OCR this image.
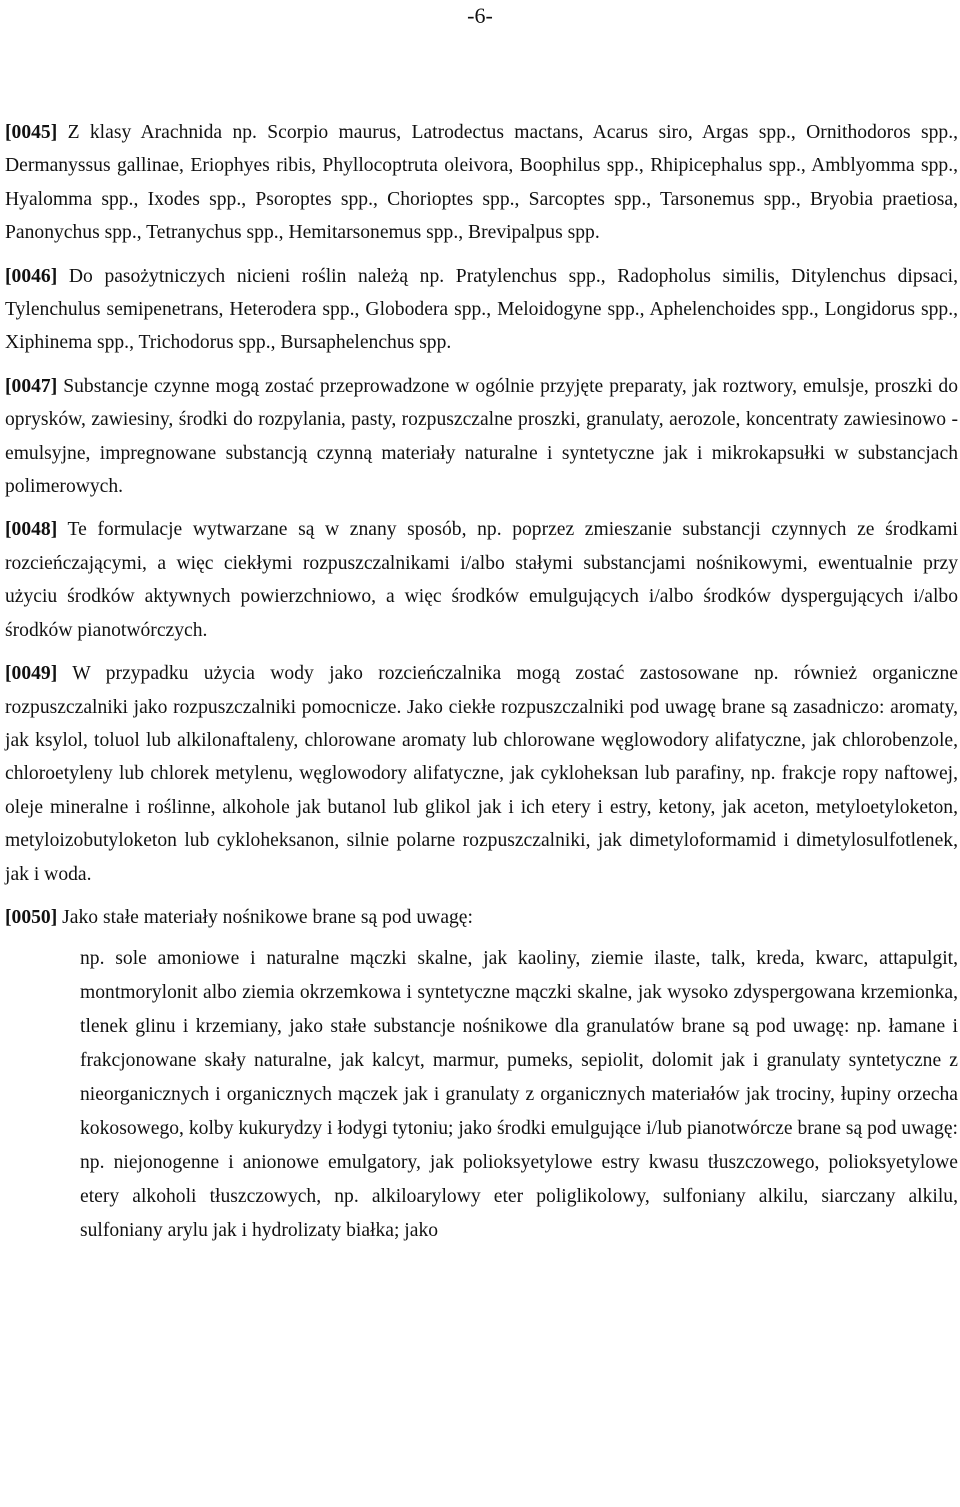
-6-

[0045] Z klasy Arachnida np. Scorpio maurus, Latrodectus mactans, Acarus siro, Argas spp., Ornithodoros spp., Dermanyssus gallinae, Eriophyes ribis, Phyllocoptruta oleivora, Boophilus spp., Rhipicephalus spp., Amblyomma spp., Hyalomma spp., Ixodes spp., Psoroptes spp., Chorioptes spp., Sarcoptes spp., Tarsonemus spp., Bryobia praetiosa, Panonychus spp., Tetranychus spp., Hemitarsonemus spp., Brevipalpus spp.

[0046] Do pasożytniczych nicieni roślin należą np. Pratylenchus spp., Radopholus similis, Ditylenchus dipsaci, Tylenchulus semipenetrans, Heterodera spp., Globodera spp., Meloidogyne spp., Aphelenchoides spp., Longidorus spp., Xiphinema spp., Trichodorus spp., Bursaphelenchus spp.

[0047] Substancje czynne mogą zostać przeprowadzone w ogólnie przyjęte preparaty, jak roztwory, emulsje, proszki do oprysków, zawiesiny, środki do rozpylania, pasty, rozpuszczalne proszki, granulaty, aerozole, koncentraty zawiesinowo - emulsyjne, impregnowane substancją czynną materiały naturalne i syntetyczne jak i mikrokapsułki w substancjach polimerowych.

[0048] Te formulacje wytwarzane są w znany sposób, np. poprzez zmieszanie substancji czynnych ze środkami rozcieńczającymi, a więc ciekłymi rozpuszczalnikami i/albo stałymi substancjami nośnikowymi, ewentualnie przy użyciu środków aktywnych powierzchniowo, a więc środków emulgujących i/albo środków dyspergujących i/albo środków pianotwórczych.

[0049] W przypadku użycia wody jako rozcieńczalnika mogą zostać zastosowane np. również organiczne rozpuszczalniki jako rozpuszczalniki pomocnicze. Jako ciekłe rozpuszczalniki pod uwagę brane są zasadniczo: aromaty, jak ksylol, toluol lub alkilonaftaleny, chlorowane aromaty lub chlorowane węglowodory alifatyczne, jak chlorobenzole, chloroetyleny lub chlorek metylenu, węglowodory alifatyczne, jak cykloheksan lub parafiny, np. frakcje ropy naftowej, oleje mineralne i roślinne, alkohole jak butanol lub glikol jak i ich etery i estry, ketony, jak aceton, metyloetyloketon, metyloizobutyloketon lub cykloheksanon, silnie polarne rozpuszczalniki, jak dimetyloformamid i dimetylosulfotlenek, jak i woda.

[0050] Jako stałe materiały nośnikowe brane są pod uwagę:

np. sole amoniowe i naturalne mączki skalne, jak kaoliny, ziemie ilaste, talk, kreda, kwarc, attapulgit, montmorylonit albo ziemia okrzemkowa i syntetyczne mączki skalne, jak wysoko zdyspergowana krzemionka, tlenek glinu i krzemiany, jako stałe substancje nośnikowe dla granulatów brane są pod uwagę: np. łamane i frakcjonowane skały naturalne, jak kalcyt, marmur, pumeks, sepiolit, dolomit jak i granulaty syntetyczne z nieorganicznych i organicznych mączek jak i granulaty z organicznych materiałów jak trociny, łupiny orzecha kokosowego, kolby kukurydzy i łodygi tytoniu; jako środki emulgujące i/lub pianotwórcze brane są pod uwagę: np. niejonogenne i anionowe emulgatory, jak polioksyetylowe estry kwasu tłuszczowego, polioksyetylowe etery alkoholi tłuszczowych, np. alkiloarylowy eter poliglikolowy, sulfoniany alkilu, siarczany alkilu, sulfoniany arylu jak i hydrolizaty białka; jako
